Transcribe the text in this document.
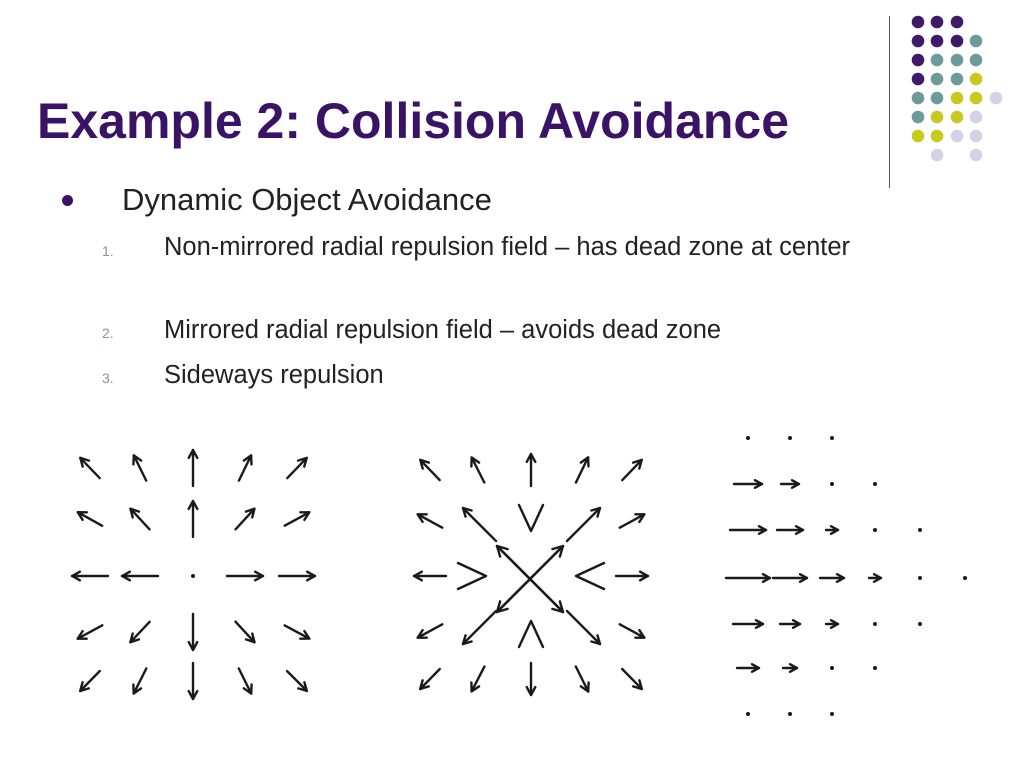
Example 2: Collision Avoidance
Dynamic Object Avoidance
1. Non-mirrored radial repulsion field – has dead zone at center
2. Mirrored radial repulsion field – avoids dead zone
3. Sideways repulsion
